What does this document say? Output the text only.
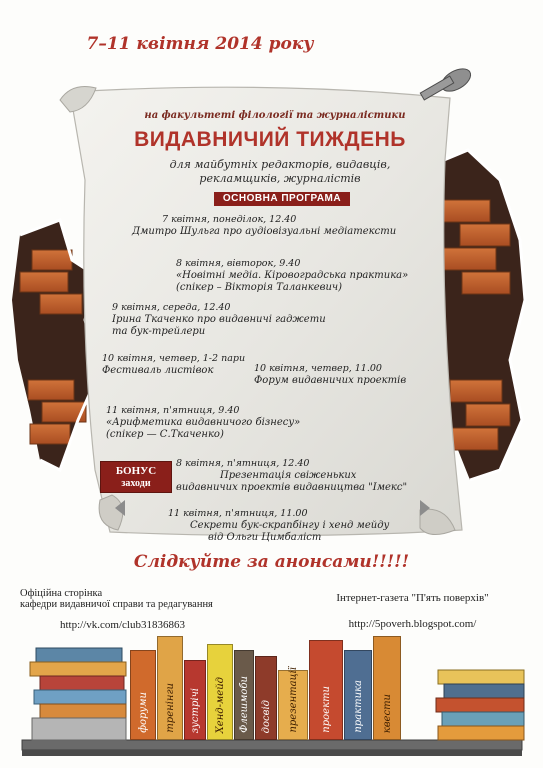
7–11 квітня 2014 року
на факультеті філології та журналістики
ВИДАВНИЧИЙ ТИЖДЕНЬ
для майбутніх редакторів, видавців,
рекламщиків, журналістів
ОСНОВНА ПРОГРАМА
7 квітня, понеділок, 12.40
Дмитро Шульга про аудіовізуальні медіатексти
8 квітня, вівторок, 9.40
«Новітні медіа. Кіровоградська практика»
(спікер – Вікторія Таланкевич)
9 квітня, середа, 12.40
Ірина Ткаченко про видавничі гаджети
та бук-трейлери
10 квітня, четвер, 1-2 пари
Фестиваль листівок	10 квітня, четвер, 11.00
Форум видавничих проектів
11 квітня, п'ятниця, 9.40
«Арифметика видавничого бізнесу»
(спікер — С.Ткаченко)
БОНУС
заходи
8 квітня, п'ятниця, 12.40
Презентація свіженьких
видавничих проектів видавництва "Імекс"
11 квітня, п'ятниця, 11.00
Секрети бук-скрапбінгу і хенд мейду
від Ольги Цимбаліст
Слідкуйте за анонсами!!!!!
Офіційна сторінка
кафедри видавничої справи та редагування
http://vk.com/club31836863
Інтернет-газета "П'ять поверхів"
http://5poverh.blogspot.com/
форуми тренінги зустрічі Хенд-мейд Флешмоби досвід презентації проекти практика квести
